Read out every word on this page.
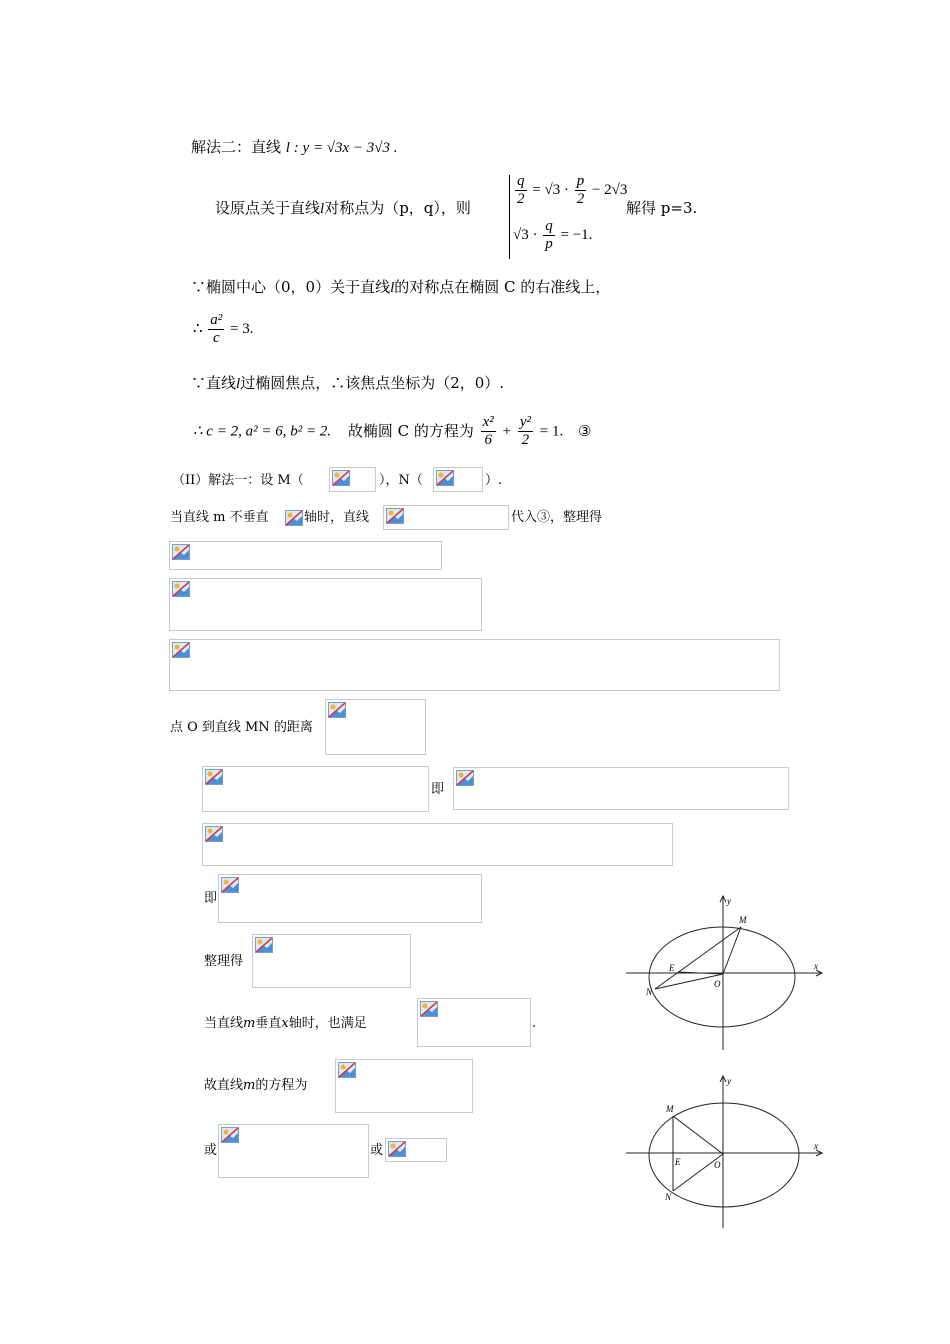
解法二：直线 l : y = √3x − 3√3 .
设原点关于直线l对称点为（p，q），则	$\frac{q}{2} = √3 \cdot \frac{p}{2} - 2√3$
$√3 \cdot \frac{q}{p} = -1$.
解得 p=3.
∵椭圆中心（0，0）关于直线l的对称点在椭圆 C 的右准线上，
∴ $\frac{\text{a²}}{c} = 3$.
∵直线l过椭圆焦点，∴该焦点坐标为（2，0）.
∴ c = 2, a² = 6, b² = 2. 故椭圆 C 的方程为 $\frac{\text{x²}}{6} + \frac{\text{y²}}{2} = 1$. ③
（II）解法一：设 M（	），N（	）.
当直线 m 不垂直	轴时，直线	代入③，整理得
点 O 到直线 MN 的距离
即
即
整理得
当直线m垂直x轴时，也满足	.
故直线m的方程为
或	或
y
x
M
E
N
O
y
x
M
E
N
O
